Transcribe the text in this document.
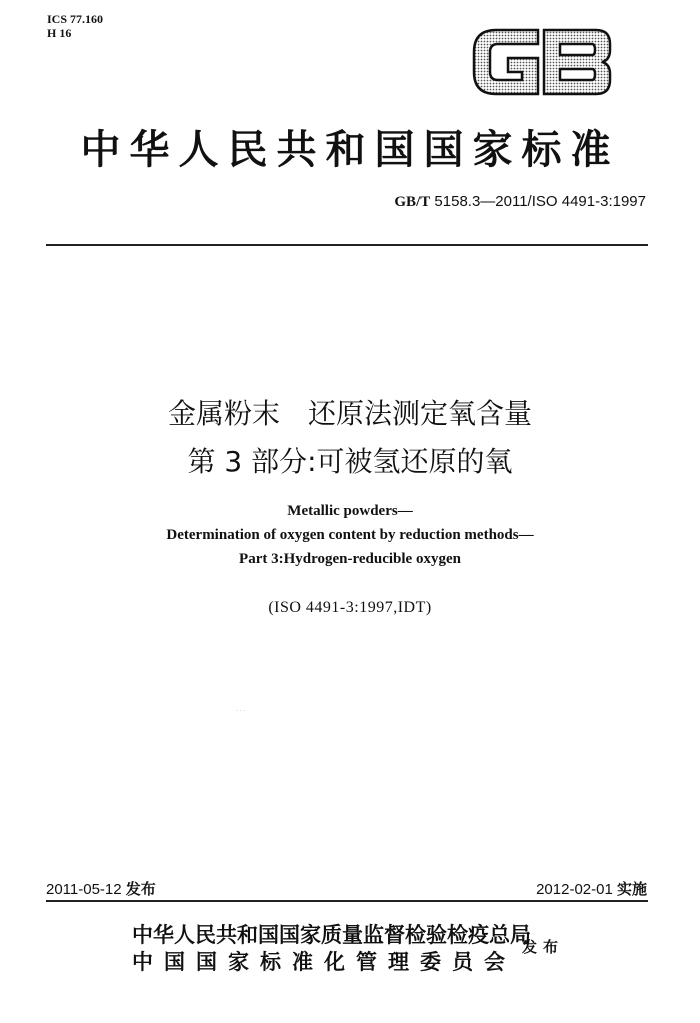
ICS 77.160
H 16
中华人民共和国国家标准
GB/T 5158.3—2011/ISO 4491-3:1997
金属粉末　还原法测定氧含量
第 3 部分:可被氢还原的氧
Metallic powders—
Determination of oxygen content by reduction methods—
Part 3:Hydrogen-reducible oxygen
(ISO 4491-3:1997,IDT)
· · ·
2011-05-12 发布	2012-02-01 实施
中华人民共和国国家质量监督检验检疫总局
中国国家标准化管理委员会
发布
